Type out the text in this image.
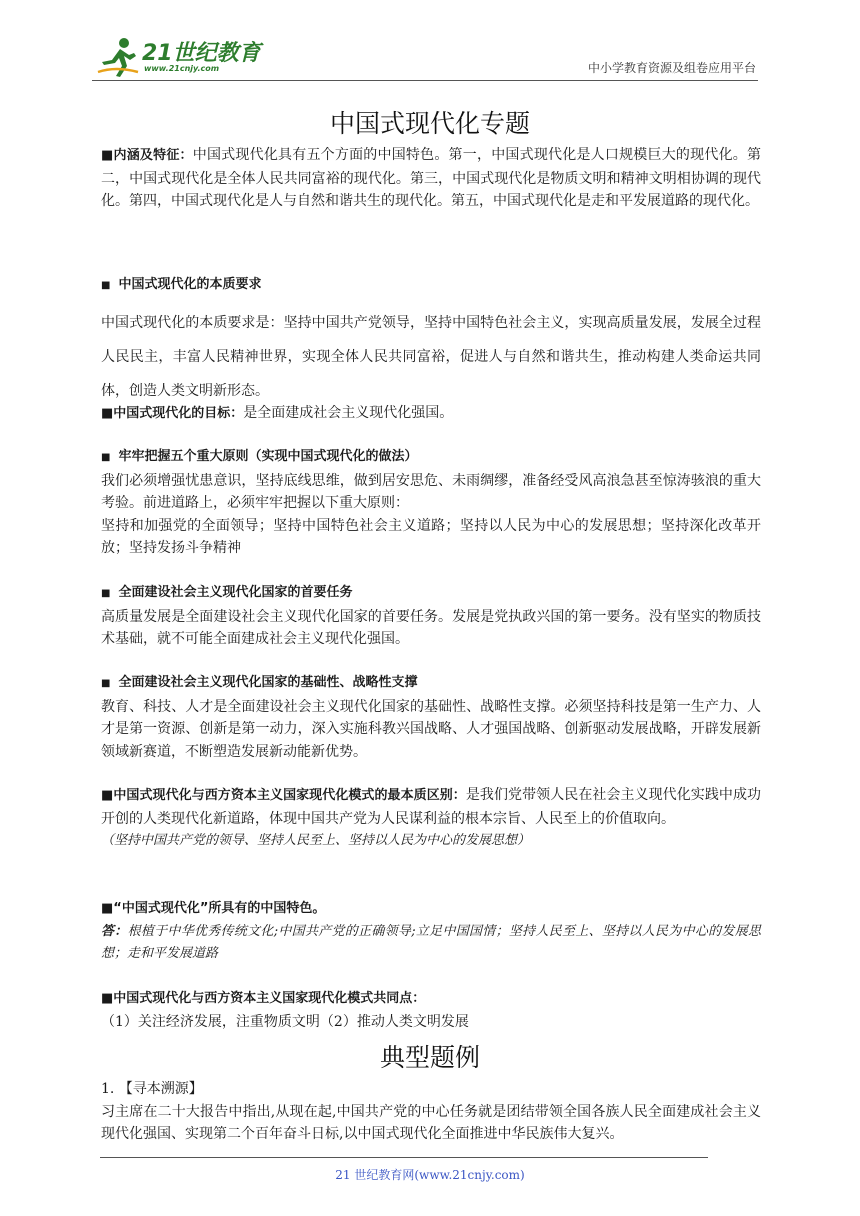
21世纪教育
www.21cnjy.com	中小学教育资源及组卷应用平台
中国式现代化专题

■内涵及特征：中国式现代化具有五个方面的中国特色。第一，中国式现代化是人口规模巨大的现代化。第二，中国式现代化是全体人民共同富裕的现代化。第三，中国式现代化是物质文明和精神文明相协调的现代化。第四，中国式现代化是人与自然和谐共生的现代化。第五，中国式现代化是走和平发展道路的现代化。

■ 中国式现代化的本质要求

中国式现代化的本质要求是：坚持中国共产党领导，坚持中国特色社会主义，实现高质量发展，发展全过程人民民主，丰富人民精神世界，实现全体人民共同富裕，促进人与自然和谐共生，推动构建人类命运共同体，创造人类文明新形态。

■中国式现代化的目标：是全面建成社会主义现代化强国。

■ 牢牢把握五个重大原则（实现中国式现代化的做法）

我们必须增强忧患意识，坚持底线思维，做到居安思危、未雨绸缪，准备经受风高浪急甚至惊涛骇浪的重大考验。前进道路上，必须牢牢把握以下重大原则：

坚持和加强党的全面领导；坚持中国特色社会主义道路；坚持以人民为中心的发展思想；坚持深化改革开放；坚持发扬斗争精神

■ 全面建设社会主义现代化国家的首要任务

高质量发展是全面建设社会主义现代化国家的首要任务。发展是党执政兴国的第一要务。没有坚实的物质技术基础，就不可能全面建成社会主义现代化强国。

■ 全面建设社会主义现代化国家的基础性、战略性支撑

教育、科技、人才是全面建设社会主义现代化国家的基础性、战略性支撑。必须坚持科技是第一生产力、人才是第一资源、创新是第一动力，深入实施科教兴国战略、人才强国战略、创新驱动发展战略，开辟发展新领域新赛道，不断塑造发展新动能新优势。

■中国式现代化与西方资本主义国家现代化模式的最本质区别：是我们党带领人民在社会主义现代化实践中成功开创的人类现代化新道路，体现中国共产党为人民谋利益的根本宗旨、人民至上的价值取向。

（坚持中国共产党的领导、坚持人民至上、坚持以人民为中心的发展思想）

■“中国式现代化”所具有的中国特色。

答：根植于中华优秀传统文化;中国共产党的正确领导;立足中国国情；坚持人民至上、坚持以人民为中心的发展思想；走和平发展道路

■中国式现代化与西方资本主义国家现代化模式共同点：

（1）关注经济发展，注重物质文明（2）推动人类文明发展

典型题例

1. 【寻本溯源】

习主席在二十大报告中指出,从现在起,中国共产党的中心任务就是团结带领全国各族人民全面建成社会主义现代化强国、实现第二个百年奋斗日标,以中国式现代化全面推进中华民族伟大复兴。

21 世纪教育网(www.21cnjy.com)
